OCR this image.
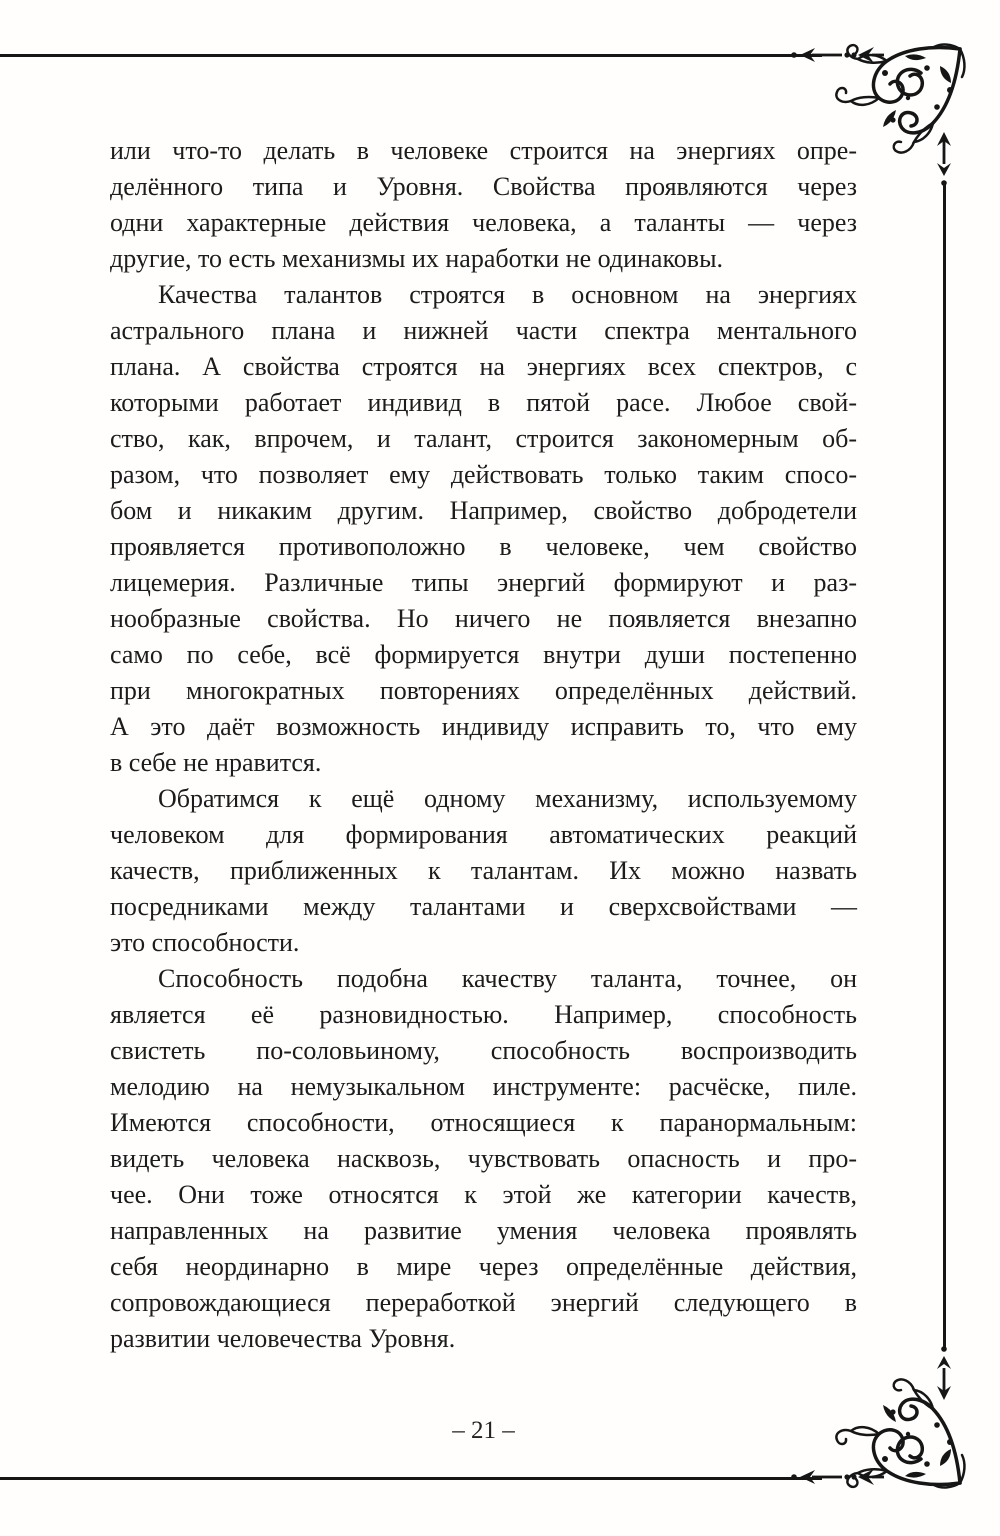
или что-то делать в человеке строится на энергиях опре-
делённого типа и Уровня. Свойства проявляются через
одни характерные действия человека, а таланты — через
другие, то есть механизмы их наработки не одинаковы.
Качества талантов строятся в основном на энергиях
астрального плана и нижней части спектра ментального
плана. А свойства строятся на энергиях всех спектров, с
которыми работает индивид в пятой расе. Любое свой-
ство, как, впрочем, и талант, строится закономерным об-
разом, что позволяет ему действовать только таким спосо-
бом и никаким другим. Например, свойство добродетели
проявляется противоположно в человеке, чем свойство
лицемерия. Различные типы энергий формируют и раз-
нообразные свойства. Но ничего не появляется внезапно
само по себе, всё формируется внутри души постепенно
при многократных повторениях определённых действий.
А это даёт возможность индивиду исправить то, что ему
в себе не нравится.
Обратимся к ещё одному механизму, используемому
человеком для формирования автоматических реакций
качеств, приближенных к талантам. Их можно назвать
посредниками между талантами и сверхсвойствами —
это способности.
Способность подобна качеству таланта, точнее, он
является её разновидностью. Например, способность
свистеть по-соловьиному, способность воспроизводить
мелодию на немузыкальном инструменте: расчёске, пиле.
Имеются способности, относящиеся к паранормальным:
видеть человека насквозь, чувствовать опасность и про-
чее. Они тоже относятся к этой же категории качеств,
направленных на развитие умения человека проявлять
себя неординарно в мире через определённые действия,
сопровождающиеся переработкой энергий следующего в
развитии человечества Уровня.
– 21 –
